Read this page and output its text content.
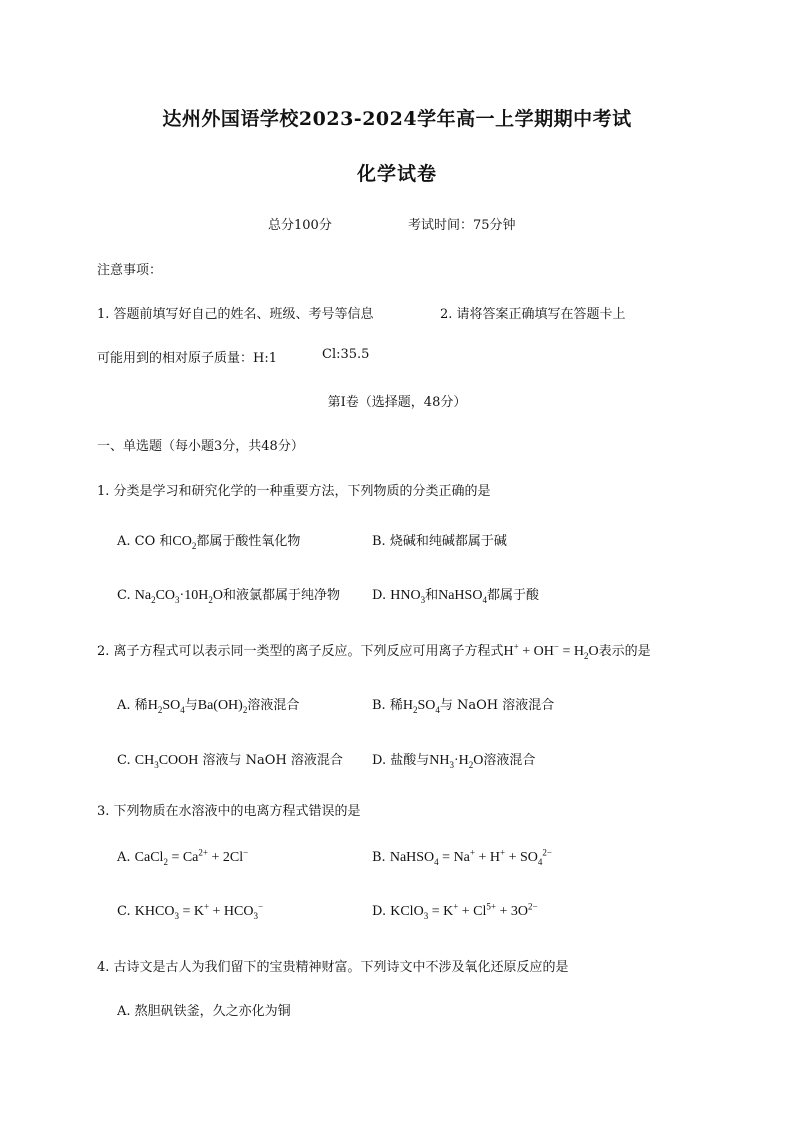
达州外国语学校2023-2024学年高一上学期期中考试
化学试卷
总分100分	考试时间：75分钟
注意事项：
1. 答题前填写好自己的姓名、班级、考号等信息	2. 请将答案正确填写在答题卡上
可能用到的相对原子质量：H:1	Cl:35.5
第I卷（选择题，48分）
一、单选题（每小题3分，共48分）
1. 分类是学习和研究化学的一种重要方法，下列物质的分类正确的是
A. CO 和$CO_2$都属于酸性氧化物	B. 烧碱和纯碱都属于碱
C. $Na_2CO_3\cdot 10H_2O$和液氯都属于纯净物 D. $HNO_3$和NaHSO$_4$都属于酸
2. 离子方程式可以表示同一类型的离子反应。下列反应可用离子方程式$H^+ + OH^- = H_2O$表示的是
A. 稀$H_2SO_4$与$Ba(OH)_2$溶液混合	B. 稀$H_2SO_4$与 NaOH 溶液混合
C. $CH_3COOH$ 溶液与 NaOH 溶液混合 D. 盐酸与$NH_3\cdot H_2O$溶液混合
3. 下列物质在水溶液中的电离方程式错误的是
A. CaCl$_2$ = $Ca^{2+} + 2Cl^-$	B. NaHSO$_4$ = $Na^+ + H^+ + SO_4^{2-}$
C. $KHCO_3 = K^+ + HCO_3^-$	D. KClO$_3$ = $K^+ + Cl^{5+} + 3O^{2-}$
4. 古诗文是古人为我们留下的宝贵精神财富。下列诗文中不涉及氧化还原反应的是
A. 熬胆矾铁釜，久之亦化为铜
